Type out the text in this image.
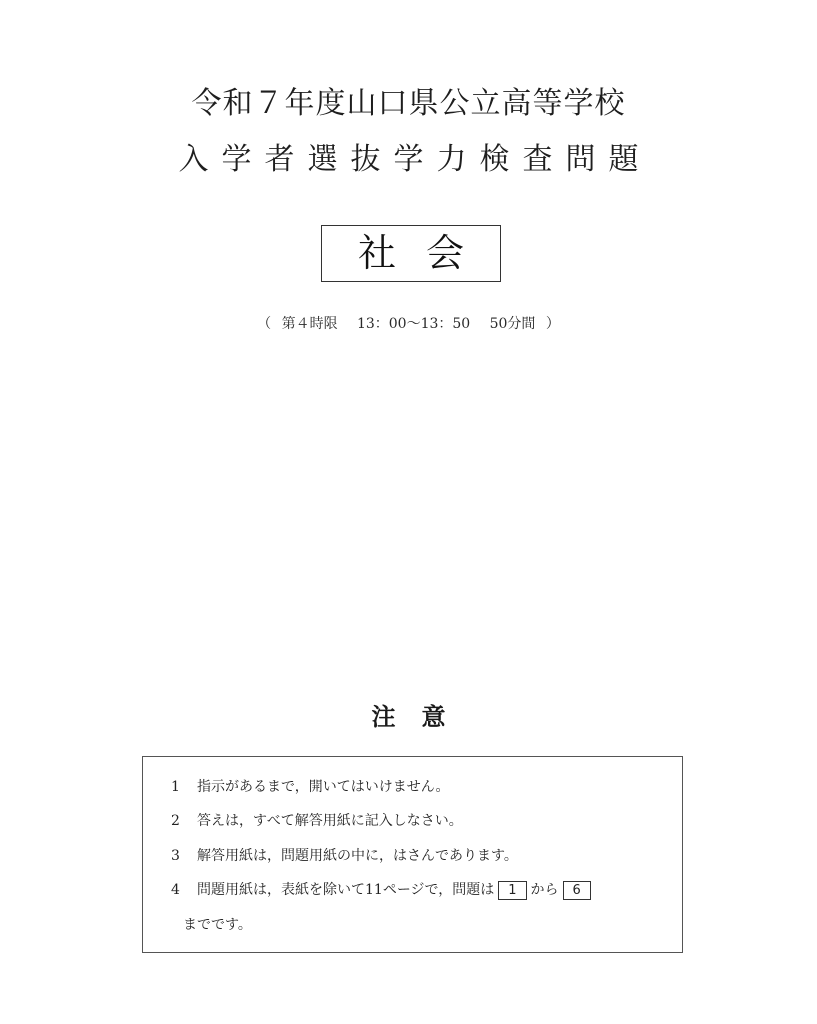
令和７年度山口県公立高等学校
入学者選抜学力検査問題
社会
（ 第４時限 13：00～13：50 50分間 ）
注意
1 指示があるまで，開いてはいけません。
2 答えは，すべて解答用紙に記入しなさい。
3 解答用紙は，問題用紙の中に，はさんであります。
4 問題用紙は，表紙を除いて11ページで，問題は 1 から 6
までです。
